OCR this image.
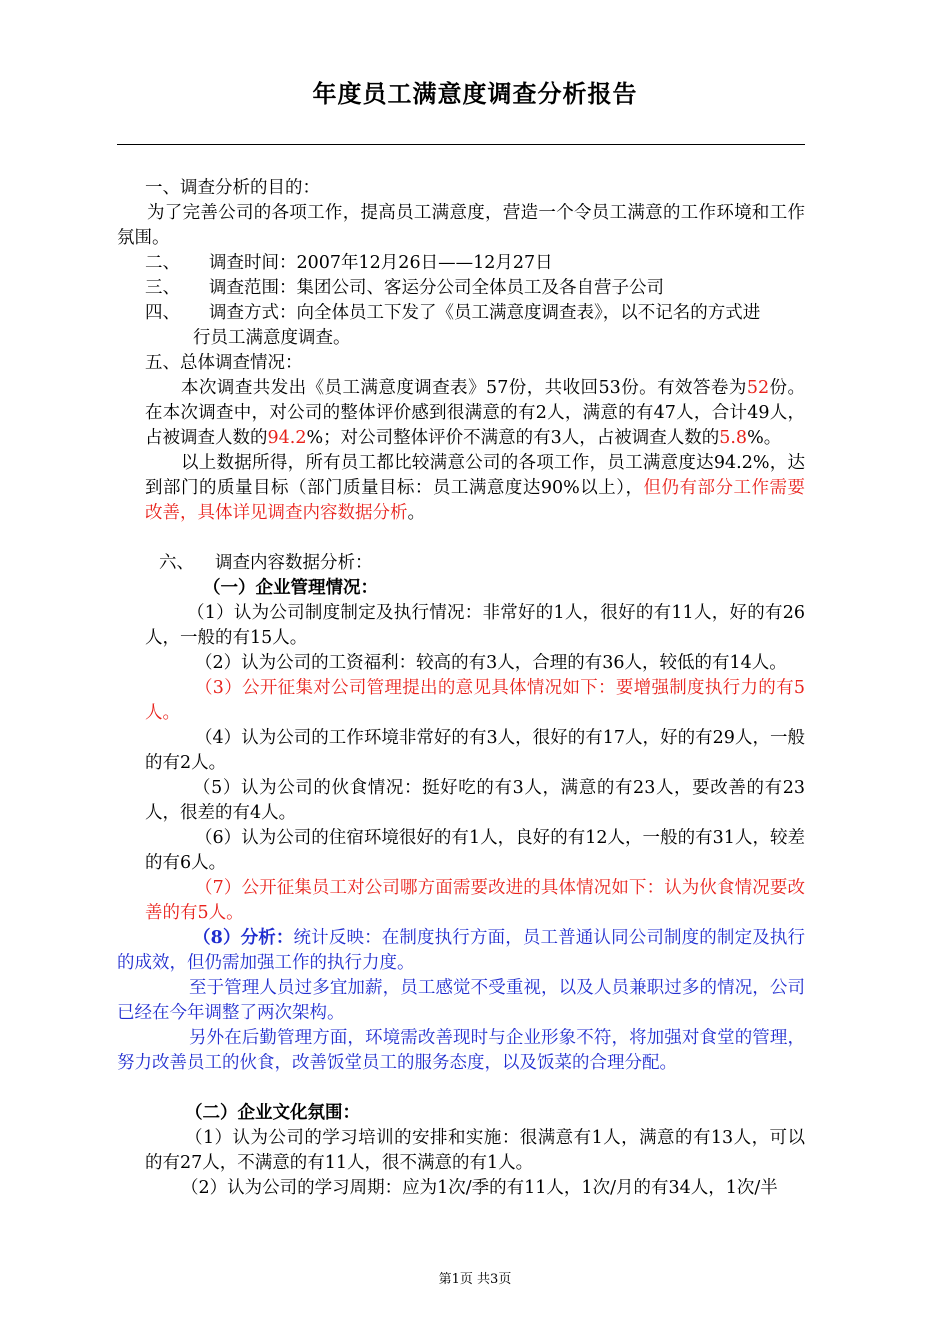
年度员工满意度调查分析报告

一、调查分析的目的：

为了完善公司的各项工作，提高员工满意度，营造一个令员工满意的工作环境和工作氛围。

二、 调查时间：2007年12月26日——12月27日

三、 调查范围：集团公司、客运分公司全体员工及各自营子公司

四、 调查方式：向全体员工下发了《员工满意度调查表》，以不记名的方式进

行员工满意度调查。

五、总体调查情况：

本次调查共发出《员工满意度调查表》57份，共收回53份。有效答卷为52份。在本次调查中，对公司的整体评价感到很满意的有2人，满意的有47人，合计49人，占被调查人数的94.2%；对公司整体评价不满意的有3人，占被调查人数的5.8%。

以上数据所得，所有员工都比较满意公司的各项工作，员工满意度达94.2%，达到部门的质量目标（部门质量目标：员工满意度达90%以上），但仍有部分工作需要改善，具体详见调查内容数据分析。

六、 调查内容数据分析：

（一）企业管理情况：

（1）认为公司制度制定及执行情况：非常好的1人，很好的有11人，好的有26人，一般的有15人。

（2）认为公司的工资福利：较高的有3人，合理的有36人，较低的有14人。

（3）公开征集对公司管理提出的意见具体情况如下：要增强制度执行力的有5人。

（4）认为公司的工作环境非常好的有3人，很好的有17人，好的有29人，一般的有2人。

（5）认为公司的伙食情况：挺好吃的有3人，满意的有23人，要改善的有23人，很差的有4人。

（6）认为公司的住宿环境很好的有1人，良好的有12人，一般的有31人，较差的有6人。

（7）公开征集员工对公司哪方面需要改进的具体情况如下：认为伙食情况要改善的有5人。

（8）分析：统计反映：在制度执行方面，员工普通认同公司制度的制定及执行的成效，但仍需加强工作的执行力度。

至于管理人员过多宜加薪，员工感觉不受重视，以及人员兼职过多的情况，公司已经在今年调整了两次架构。

另外在后勤管理方面，环境需改善现时与企业形象不符，将加强对食堂的管理，努力改善员工的伙食，改善饭堂员工的服务态度，以及饭菜的合理分配。

（二）企业文化氛围：

（1）认为公司的学习培训的安排和实施：很满意有1人，满意的有13人，可以的有27人，不满意的有11人，很不满意的有1人。

（2）认为公司的学习周期：应为1次/季的有11人，1次/月的有34人，1次/半

第1页 共3页
